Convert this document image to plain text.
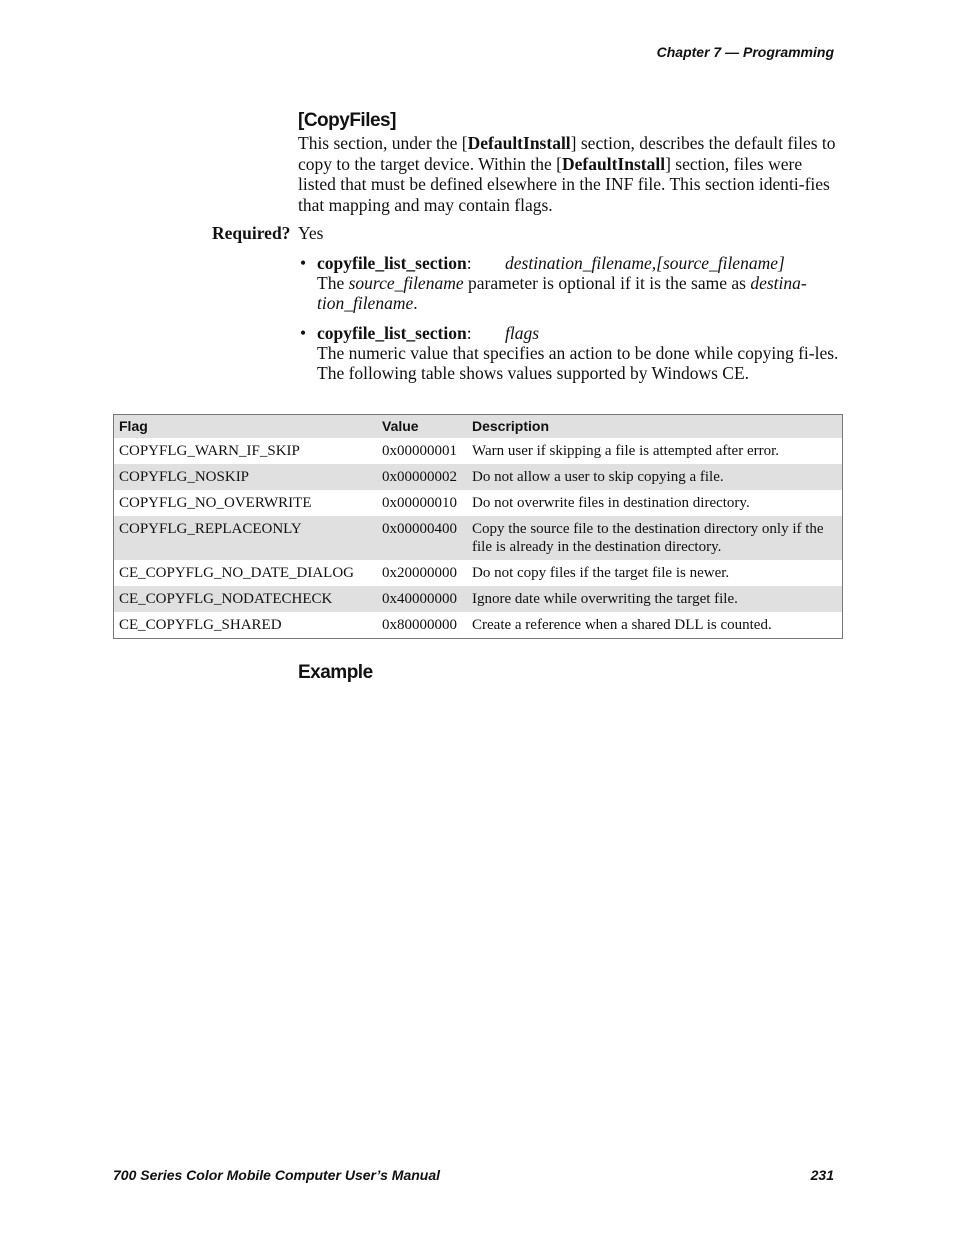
Chapter 7 — Programming
[CopyFiles]
This section, under the [DefaultInstall] section, describes the default files to copy to the target device. Within the [DefaultInstall] section, files were listed that must be defined elsewhere in the INF file. This section identi-fies that mapping and may contain flags.
Required? Yes
• copyfile_list_section: destination_filename,[source_filename]
The source_filename parameter is optional if it is the same as destina-tion_filename.
• copyfile_list_section: flags
The numeric value that specifies an action to be done while copying fi-les. The following table shows values supported by Windows CE.
Flag	Value	Description
COPYFLG_WARN_IF_SKIP	0x00000001	Warn user if skipping a file is attempted after error.
COPYFLG_NOSKIP	0x00000002	Do not allow a user to skip copying a file.
COPYFLG_NO_OVERWRITE	0x00000010	Do not overwrite files in destination directory.
COPYFLG_REPLACEONLY	0x00000400	Copy the source file to the destination directory only if the file is already in the destination directory.
CE_COPYFLG_NO_DATE_DIALOG	0x20000000	Do not copy files if the target file is newer.
CE_COPYFLG_NODATECHECK	0x40000000	Ignore date while overwriting the target file.
CE_COPYFLG_SHARED	0x80000000	Create a reference when a shared DLL is counted.
Example
700 Series Color Mobile Computer User’s Manual	231
